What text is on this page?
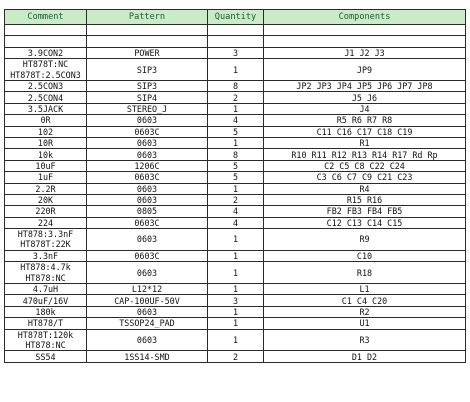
Comment	Pattern	Quantity	Components

3.9CON2	POWER	3	J1 J2 J3

HT878T:NC
HT878T:2.5CON3	SIP3	1	JP9
2.5CON3	SIP3	8	JP2 JP3 JP4 JP5 JP6 JP7 JP8
2.5CON4	SIP4	2	J5 J6
3.5JACK	STEREO_J	1	J4
0R	0603	4	R5 R6 R7 R8
102	0603C	5	C11 C16 C17 C18 C19
10R	0603	1	R1
10k	0603	8	R10 R11 R12 R13 R14 R17 Rd Rp
10uF	1206C	5	C2 C5 C8 C22 C24
1uF	0603C	5	C3 C6 C7 C9 C21 C23
2.2R	0603	1	R4
20K	0603	2	R15 R16
220R	0805	4	FB2 FB3 FB4 FB5
224	0603C	4	C12 C13 C14 C15

HT878:3.3nF
HT878T:22K	0603	1	R9
3.3nF	0603C	1	C10

HT878:4.7k
HT878:NC	0603	1	R18
4.7uH	L12*12	1	L1
470uF/16V	CAP-100UF-50V	3	C1 C4 C20
180k	0603	1	R2
HT878/T	TSSOP24_PAD	1	U1

HT878T:120k
HT878:NC	0603	1	R3
SS54	1SS14-SMD	2	D1 D2
